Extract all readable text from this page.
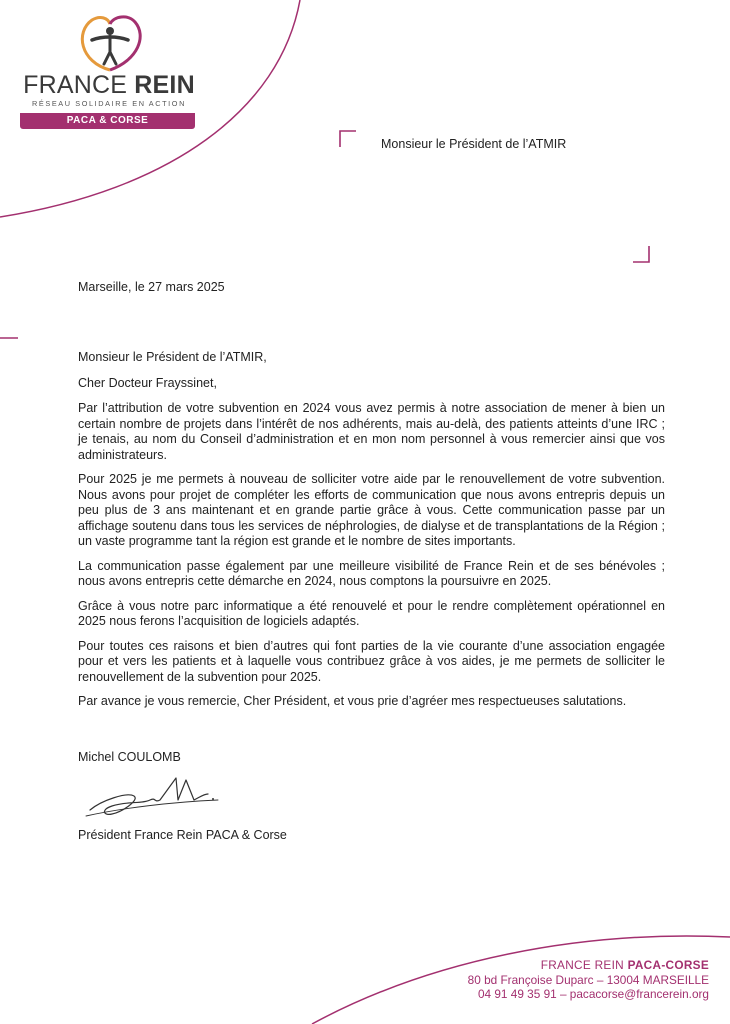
FRANCE REIN
RÉSEAU SOLIDAIRE EN ACTION
PACA & CORSE
Monsieur le Président de l’ATMIR
Marseille, le 27 mars 2025

Monsieur le Président de l’ATMIR,

Cher Docteur Frayssinet,

Par l’attribution de votre subvention en 2024 vous avez permis à notre association de mener à bien un certain nombre de projets dans l’intérêt de nos adhérents, mais au-delà, des patients atteints d’une IRC ; je tenais, au nom du Conseil d’administration et en mon nom personnel à vous remercier ainsi que vos administrateurs.

Pour 2025 je me permets à nouveau de solliciter votre aide par le renouvellement de votre subvention. Nous avons pour projet de compléter les efforts de communication que nous avons entrepris depuis un peu plus de 3 ans maintenant et en grande partie grâce à vous. Cette communication passe par un affichage soutenu dans tous les services de néphrologies, de dialyse et de transplantations de la Région ; un vaste programme tant la région est grande et le nombre de sites importants.

La communication passe également par une meilleure visibilité de France Rein et de ses bénévoles ; nous avons entrepris cette démarche en 2024, nous comptons la poursuivre en 2025.

Grâce à vous notre parc informatique a été renouvelé et pour le rendre complètement opérationnel en 2025 nous ferons l’acquisition de logiciels adaptés.

Pour toutes ces raisons et bien d’autres qui font parties de la vie courante d’une association engagée pour et vers les patients et à laquelle vous contribuez grâce à vos aides, je me permets de solliciter le renouvellement de la subvention pour 2025.

Par avance je vous remercie, Cher Président, et vous prie d’agréer mes respectueuses salutations.

Michel COULOMB
Président France Rein PACA & Corse
FRANCE REIN PACA-CORSE
80 bd Françoise Duparc – 13004 MARSEILLE
04 91 49 35 91 – pacacorse@francerein.org
